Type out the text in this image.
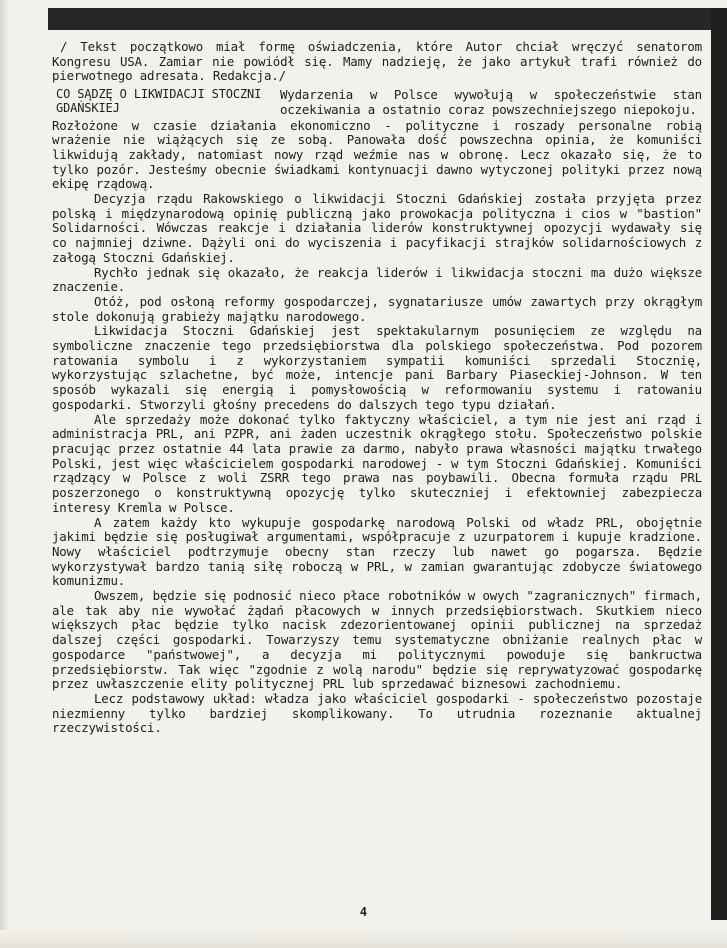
/ Tekst początkowo miał formę oświadczenia, które Autor chciał wręczyć senatorom Kongresu USA. Zamiar nie powiódł się. Mamy nadzieję, że jako artykuł trafi również do pierwotnego adresata. Redakcja./

CO SĄDZĘ O LIKWIDACJI STOCZNI GDAŃSKIEJ

Wydarzenia w Polsce wywołują w społeczeństwie stan oczekiwania a ostatnio coraz powszechniejszego niepokoju.

Rozłożone w czasie działania ekonomiczno - polityczne i roszady personalne robią wrażenie nie wiążących się ze sobą. Panowała dość powszechna opinia, że komuniści likwidują zakłady, natomiast nowy rząd weźmie nas w obronę. Lecz okazało się, że to tylko pozór. Jesteśmy obecnie świadkami kontynuacji dawno wytyczonej polityki przez nową ekipę rządową.

Decyzja rządu Rakowskiego o likwidacji Stoczni Gdańskiej została przyjęta przez polską i międzynarodową opinię publiczną jako prowokacja polityczna i cios w "bastion" Solidarności. Wówczas reakcje i działania liderów konstruktywnej opozycji wydawały się co najmniej dziwne. Dążyli oni do wyciszenia i pacyfikacji strajków solidarnościowych z załogą Stoczni Gdańskiej.

Rychło jednak się okazało, że reakcja liderów i likwidacja stoczni ma dużo większe znaczenie.

Otóż, pod osłoną reformy gospodarczej, sygnatariusze umów zawartych przy okrągłym stole dokonują grabieży majątku narodowego.

Likwidacja Stoczni Gdańskiej jest spektakularnym posunięciem ze względu na symboliczne znaczenie tego przedsiębiorstwa dla polskiego społeczeństwa. Pod pozorem ratowania symbolu i z wykorzystaniem sympatii komuniści sprzedali Stocznię, wykorzystując szlachetne, być może, intencje pani Barbary Piaseckiej-Johnson. W ten sposób wykazali się energią i pomysłowością w reformowaniu systemu i ratowaniu gospodarki. Stworzyli głośny precedens do dalszych tego typu działań.

Ale sprzedaży może dokonać tylko faktyczny właściciel, a tym nie jest ani rząd i administracja PRL, ani PZPR, ani żaden uczestnik okrągłego stołu. Społeczeństwo polskie pracując przez ostatnie 44 lata prawie za darmo, nabyło prawa własności majątku trwałego Polski, jest więc właścicielem gospodarki narodowej - w tym Stoczni Gdańskiej. Komuniści rządzący w Polsce z woli ZSRR tego prawa nas poybawili. Obecna formuła rządu PRL poszerzonego o konstruktywną opozycję tylko skuteczniej i efektowniej zabezpiecza interesy Kremla w Polsce.

A zatem każdy kto wykupuje gospodarkę narodową Polski od władz PRL, obojętnie jakimi będzie się posługiwał argumentami, współpracuje z uzurpatorem i kupuje kradzione. Nowy właściciel podtrzymuje obecny stan rzeczy lub nawet go pogarsza. Będzie wykorzystywał bardzo tanią siłę roboczą w PRL, w zamian gwarantując zdobycze światowego komunizmu.

Owszem, będzie się podnosić nieco płace robotników w owych "zagranicznych" firmach, ale tak aby nie wywołać żądań płacowych w innych przedsiębiorstwach. Skutkiem nieco większych płac będzie tylko nacisk zdezorientowanej opinii publicznej na sprzedaż dalszej części gospodarki. Towarzyszy temu systematyczne obniżanie realnych płac w gospodarce "państwowej", a decyzja mi politycznymi powoduje się bankructwa przedsiębiorstw. Tak więc "zgodnie z wolą narodu" będzie się reprywatyzować gospodarkę przez uwłaszczenie elity politycznej PRL lub sprzedawać biznesowi zachodniemu.

Lecz podstawowy układ: władza jako właściciel gospodarki - społeczeństwo pozostaje niezmienny tylko bardziej skomplikowany. To utrudnia rozeznanie aktualnej rzeczywistości.

4
